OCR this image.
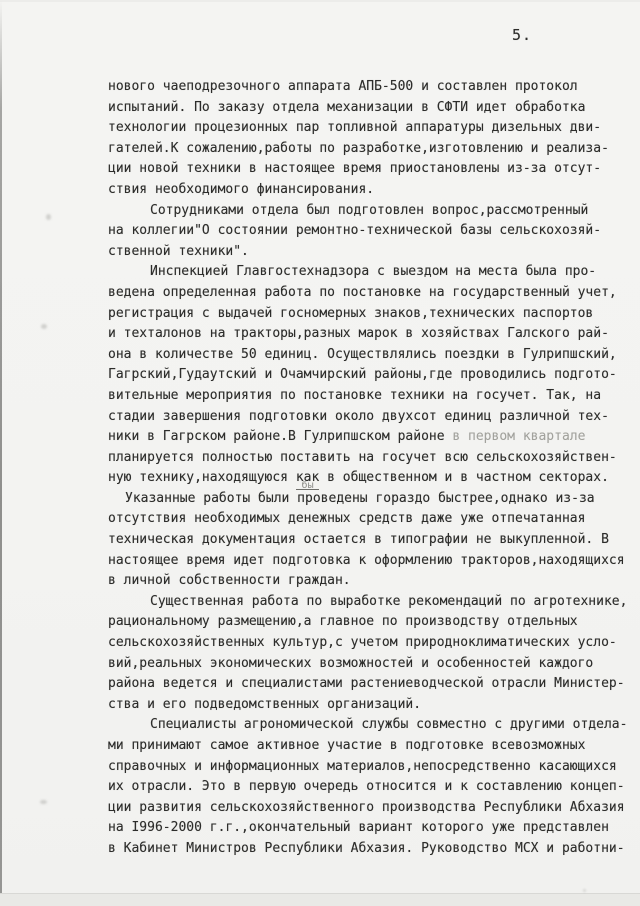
5.
нового чаеподрезочного аппарата АПБ-500 и составлен протокол
испытаний. По заказу отдела механизации в СФТИ идет обработка
технологии процезионных пар топливной аппаратуры дизельных дви-
гателей.К сожалению,работы по разработке,изготовлению и реализа-
ции новой техники в настоящее время приостановлены из-за отсут-
ствия необходимого финансирования.
Сотрудниками отдела был подготовлен вопрос,рассмотренный
на коллегии"О состоянии ремонтно-технической базы сельскохозяй-
ственной техники".
Инспекцией Главгостехнадзора с выездом на места была про-
ведена определенная работа по постановке на государственный учет,
регистрация с выдачей госномерных знаков,технических паспортов
и техталонов на тракторы,разных марок в хозяйствах Галского рай-
она в количестве 50 единиц. Осуществлялись поездки в Гулрипшский,
Гагрский,Гудаутский и Очамчирский районы,где проводились подгото-
вительные мероприятия по постановке техники на госучет. Так, на
стадии завершения подготовки около двухсот единиц различной тех-
ники в Гагрском районе.В Гулрипшском районе в первом квартале
планируется полностью поставить на госучет всю сельскохозяйствен-
ную технику,находящуюся как бы в общественном и в частном секторах.
Указанные работы были проведены гораздо быстрее,однако из-за
отсутствия необходимых денежных средств даже уже отпечатанная
техническая документация остается в типографии не выкупленной. В
настоящее время идет подготовка к оформлению тракторов,находящихся
в личной собственности граждан.
Существенная работа по выработке рекомендаций по агротехнике,
рациональному размещению,а главное по производству отдельных
сельскохозяйственных культур,с учетом природноклиматических усло-
вий,реальных экономических возможностей и особенностей каждого
района ведется и специалистами растениеводческой отрасли Министер-
ства и его подведомственных организаций.
Специалисты агрономической службы совместно с другими отдела-
ми принимают самое активное участие в подготовке всевозможных
справочных и информационных материалов,непосредственно касающихся
их отрасли. Это в первую очередь относится и к составлению концеп-
ции развития сельскохозяйственного производства Республики Абхазия
на I996-2000 г.г.,окончательный вариант которого уже представлен
в Кабинет Министров Республики Абхазия. Руководство МСХ и работни-
